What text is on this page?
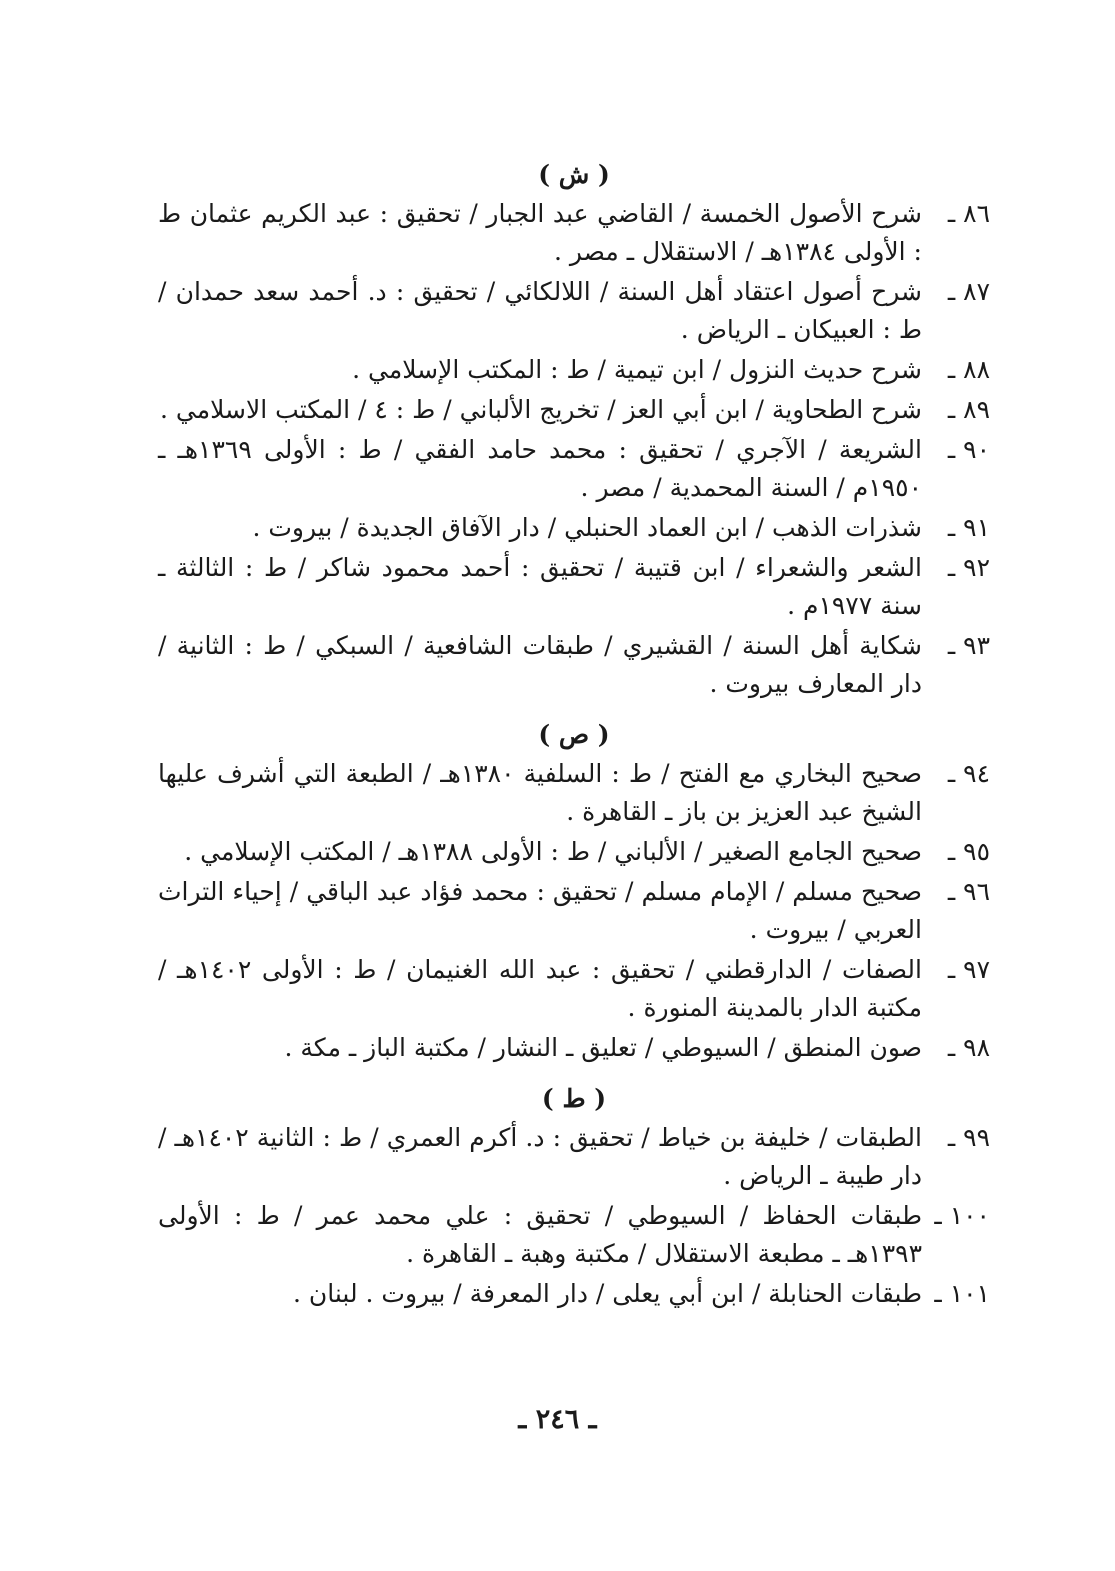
( ش )
٨٦ ـ
شرح الأصول الخمسة / القاضي عبد الجبار / تحقيق : عبد الكريم عثمان ط : الأولى ١٣٨٤هـ / الاستقلال ـ مصر .
٨٧ ـ
شرح أصول اعتقاد أهل السنة / اللالكائي / تحقيق : د. أحمد سعد حمدان / ط : العبيكان ـ الرياض .
٨٨ ـ
شرح حديث النزول / ابن تيمية / ط : المكتب الإسلامي .
٨٩ ـ
شرح الطحاوية / ابن أبي العز / تخريج الألباني / ط : ٤ / المكتب الاسلامي .
٩٠ ـ
الشريعة / الآجري / تحقيق : محمد حامد الفقي / ط : الأولى ١٣٦٩هـ ـ ١٩٥٠م / السنة المحمدية / مصر .
٩١ ـ
شذرات الذهب / ابن العماد الحنبلي / دار الآفاق الجديدة / بيروت .
٩٢ ـ
الشعر والشعراء / ابن قتيبة / تحقيق : أحمد محمود شاكر / ط : الثالثة ـ سنة ١٩٧٧م .
٩٣ ـ
شكاية أهل السنة / القشيري / طبقات الشافعية / السبكي / ط : الثانية / دار المعارف بيروت .
( ص )
٩٤ ـ
صحيح البخاري مع الفتح / ط : السلفية ١٣٨٠هـ / الطبعة التي أشرف عليها الشيخ عبد العزيز بن باز ـ القاهرة .
٩٥ ـ
صحيح الجامع الصغير / الألباني / ط : الأولى ١٣٨٨هـ / المكتب الإسلامي .
٩٦ ـ
صحيح مسلم / الإمام مسلم / تحقيق : محمد فؤاد عبد الباقي / إحياء التراث العربي / بيروت .
٩٧ ـ
الصفات / الدارقطني / تحقيق : عبد الله الغنيمان / ط : الأولى ١٤٠٢هـ / مكتبة الدار بالمدينة المنورة .
٩٨ ـ
صون المنطق / السيوطي / تعليق ـ النشار / مكتبة الباز ـ مكة .
( ط )
٩٩ ـ
الطبقات / خليفة بن خياط / تحقيق : د. أكرم العمري / ط : الثانية ١٤٠٢هـ / دار طيبة ـ الرياض .
١٠٠ ـ
طبقات الحفاظ / السيوطي / تحقيق : علي محمد عمر / ط : الأولى ١٣٩٣هـ ـ مطبعة الاستقلال / مكتبة وهبة ـ القاهرة .
١٠١ ـ
طبقات الحنابلة / ابن أبي يعلى / دار المعرفة / بيروت . لبنان .
ـ ٢٤٦ ـ
